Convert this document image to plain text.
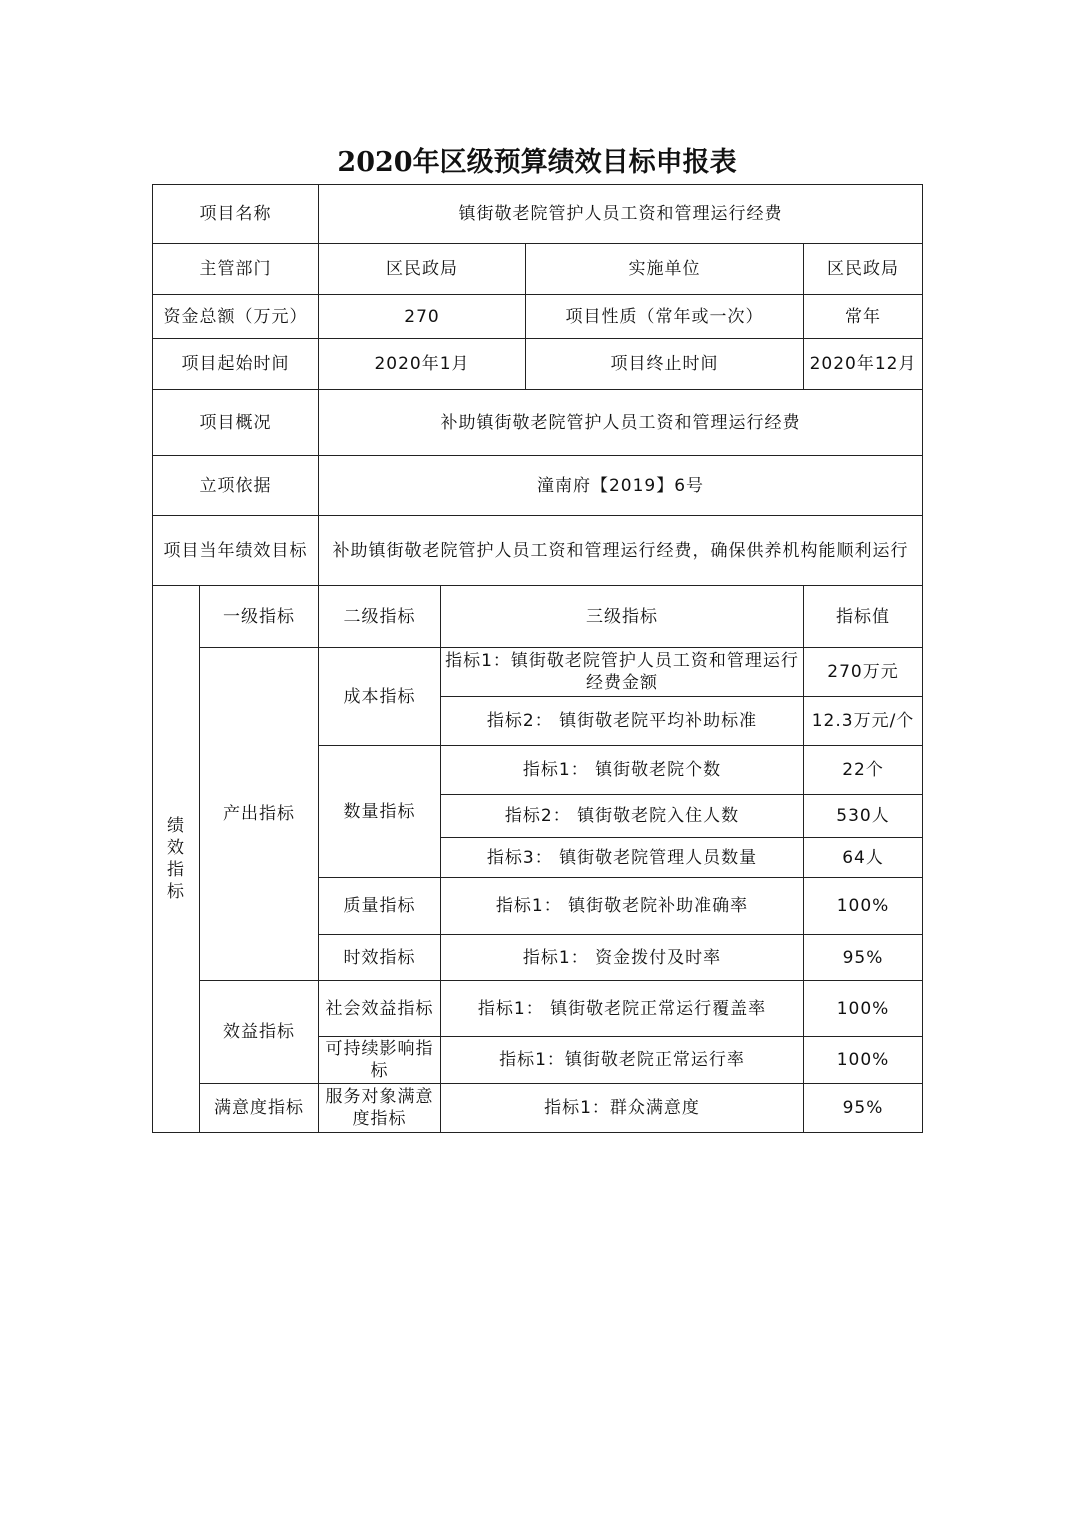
2020年区级预算绩效目标申报表
项目名称		镇街敬老院管护人员工资和管理运行经费			
主管部门		区民政局		实施单位	区民政局
资金总额（万元）		270		项目性质（常年或一次）	常年
项目起始时间		2020年1月		项目终止时间	2020年12月
项目概况		补助镇街敬老院管护人员工资和管理运行经费			
立项依据		潼南府【2019】6号			
项目当年绩效目标		补助镇街敬老院管护人员工资和管理运行经费，确保供养机构能顺利运行			

绩效指标	一级指标	二级指标	三级指标		指标值
	产出指标	成本指标	指标1：镇街敬老院管护人员工资和管理运行经费金额		270万元
			指标2： 镇街敬老院平均补助标准		12.3万元/个
		数量指标	指标1： 镇街敬老院个数		22个
			指标2： 镇街敬老院入住人数		530人
			指标3： 镇街敬老院管理人员数量		64人
		质量指标	指标1： 镇街敬老院补助准确率		100%
		时效指标	指标1： 资金拨付及时率		95%
	效益指标	社会效益指标	指标1： 镇街敬老院正常运行覆盖率		100%
		可持续影响指标	指标1：镇街敬老院正常运行率		100%
	满意度指标	服务对象满意度指标	指标1：群众满意度		95%
